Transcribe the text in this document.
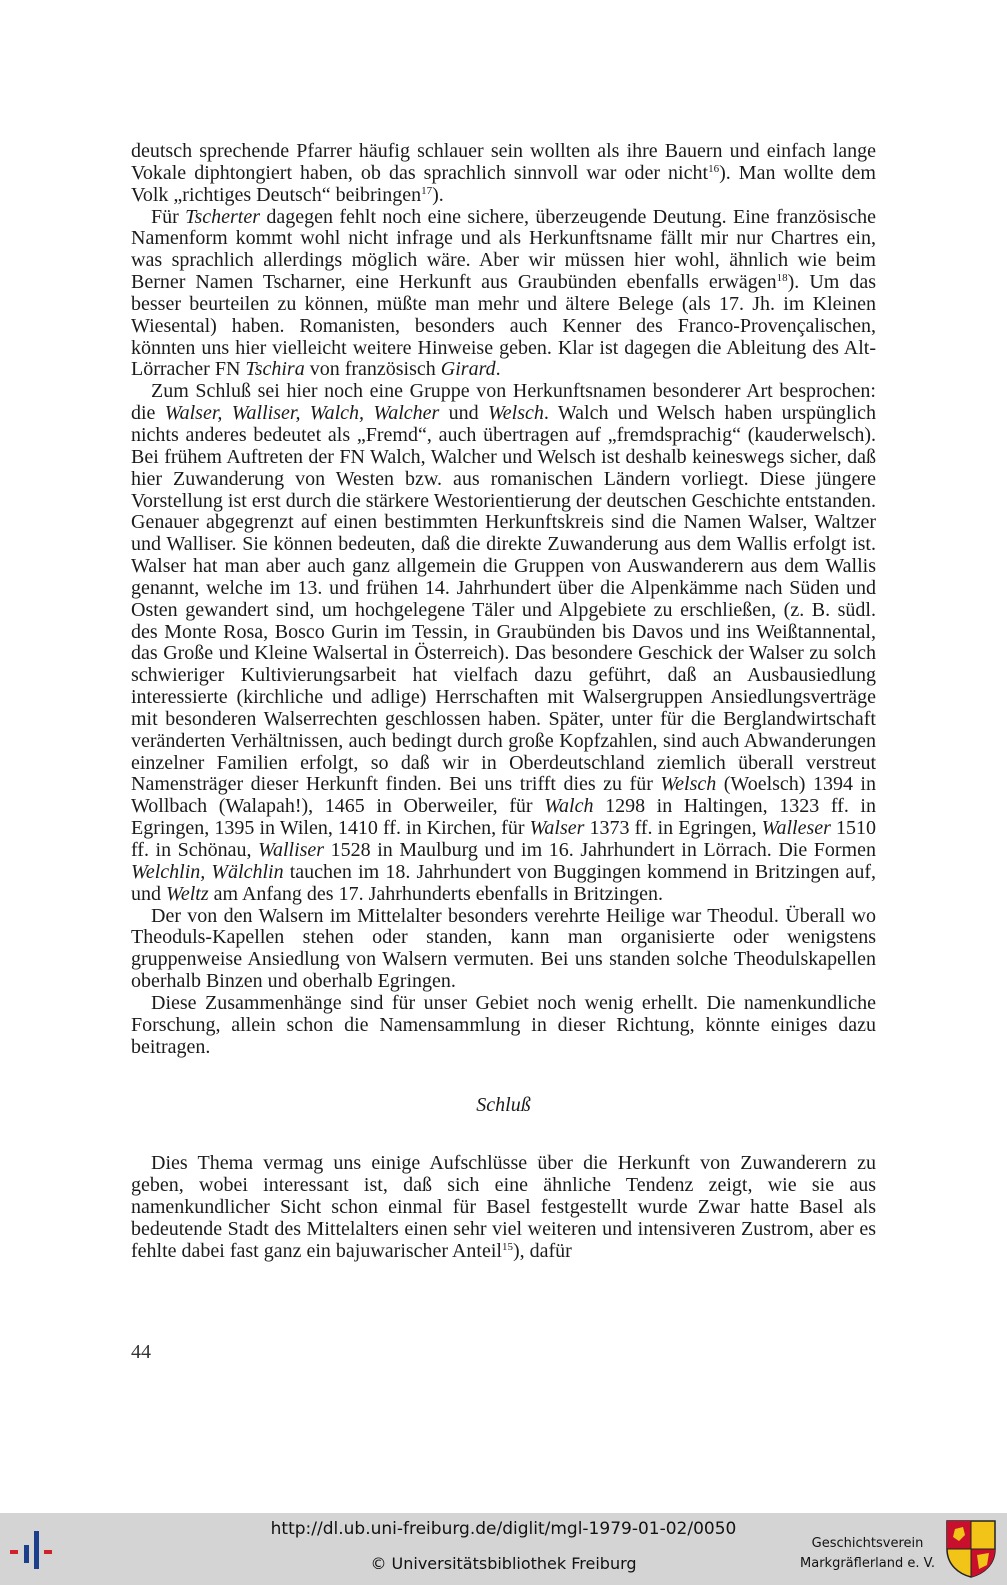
deutsch sprechende Pfarrer häufig schlauer sein wollten als ihre Bauern und einfach lange Vokale diphtongiert haben, ob das sprachlich sinnvoll war oder nicht$^{16}$). Man wollte dem Volk „richtiges Deutsch“ beibringen$^{17}$).

Für Tscherter dagegen fehlt noch eine sichere, überzeugende Deutung. Eine französische Namenform kommt wohl nicht infrage und als Herkunftsname fällt mir nur Chartres ein, was sprachlich allerdings möglich wäre. Aber wir müssen hier wohl, ähnlich wie beim Berner Namen Tscharner, eine Herkunft aus Graubünden ebenfalls erwägen$^{18}$). Um das besser beurteilen zu können, müßte man mehr und ältere Belege (als 17. Jh. im Kleinen Wiesental) haben. Romanisten, besonders auch Kenner des Franco-Provençalischen, könnten uns hier vielleicht weitere Hinweise geben. Klar ist dagegen die Ableitung des Alt-Lörracher FN Tschira von französisch Girard.

Zum Schluß sei hier noch eine Gruppe von Herkunftsnamen besonderer Art besprochen: die Walser, Walliser, Walch, Walcher und Welsch. Walch und Welsch haben urspünglich nichts anderes bedeutet als „Fremd“, auch übertragen auf „fremdsprachig“ (kauderwelsch). Bei frühem Auftreten der FN Walch, Walcher und Welsch ist deshalb keineswegs sicher, daß hier Zuwanderung von Westen bzw. aus romanischen Ländern vorliegt. Diese jüngere Vorstellung ist erst durch die stärkere Westorientierung der deutschen Geschichte entstanden. Genauer abgegrenzt auf einen bestimmten Herkunftskreis sind die Namen Walser, Waltzer und Walliser. Sie können bedeuten, daß die direkte Zuwanderung aus dem Wallis erfolgt ist. Walser hat man aber auch ganz allgemein die Gruppen von Auswanderern aus dem Wallis genannt, welche im 13. und frühen 14. Jahrhundert über die Alpenkämme nach Süden und Osten gewandert sind, um hochgelegene Täler und Alpgebiete zu erschließen, (z. B. südl. des Monte Rosa, Bosco Gurin im Tessin, in Graubünden bis Davos und ins Weißtannental, das Große und Kleine Walsertal in Österreich). Das besondere Geschick der Walser zu solch schwieriger Kultivierungsarbeit hat vielfach dazu geführt, daß an Ausbausiedlung interessierte (kirchliche und adlige) Herrschaften mit Walsergruppen Ansiedlungsverträge mit besonderen Walserrechten geschlossen haben. Später, unter für die Berglandwirtschaft veränderten Verhältnissen, auch bedingt durch große Kopfzahlen, sind auch Abwanderungen einzelner Familien erfolgt, so daß wir in Oberdeutschland ziemlich überall verstreut Namensträger dieser Herkunft finden. Bei uns trifft dies zu für Welsch (Woelsch) 1394 in Wollbach (Walapah!), 1465 in Oberweiler, für Walch 1298 in Haltingen, 1323 ff. in Egringen, 1395 in Wilen, 1410 ff. in Kirchen, für Walser 1373 ff. in Egringen, Walleser 1510 ff. in Schönau, Walliser 1528 in Maulburg und im 16. Jahrhundert in Lörrach. Die Formen Welchlin, Wälchlin tauchen im 18. Jahrhundert von Buggingen kommend in Britzingen auf, und Weltz am Anfang des 17. Jahrhunderts ebenfalls in Britzingen.

Der von den Walsern im Mittelalter besonders verehrte Heilige war Theodul. Überall wo Theoduls-Kapellen stehen oder standen, kann man organisierte oder wenigstens gruppenweise Ansiedlung von Walsern vermuten. Bei uns standen solche Theodulskapellen oberhalb Binzen und oberhalb Egringen.

Diese Zusammenhänge sind für unser Gebiet noch wenig erhellt. Die namenkundliche Forschung, allein schon die Namensammlung in dieser Richtung, könnte einiges dazu beitragen.

Schluß

Dies Thema vermag uns einige Aufschlüsse über die Herkunft von Zuwanderern zu geben, wobei interessant ist, daß sich eine ähnliche Tendenz zeigt, wie sie aus namenkundlicher Sicht schon einmal für Basel festgestellt wurde Zwar hatte Basel als bedeutende Stadt des Mittelalters einen sehr viel weiteren und intensiveren Zustrom, aber es fehlte dabei fast ganz ein bajuwarischer Anteil$^{15}$), dafür

44
http://dl.ub.uni-freiburg.de/diglit/mgl-1979-01-02/0050
© Universitätsbibliothek Freiburg
Geschichtsverein
Markgräflerland e. V.
